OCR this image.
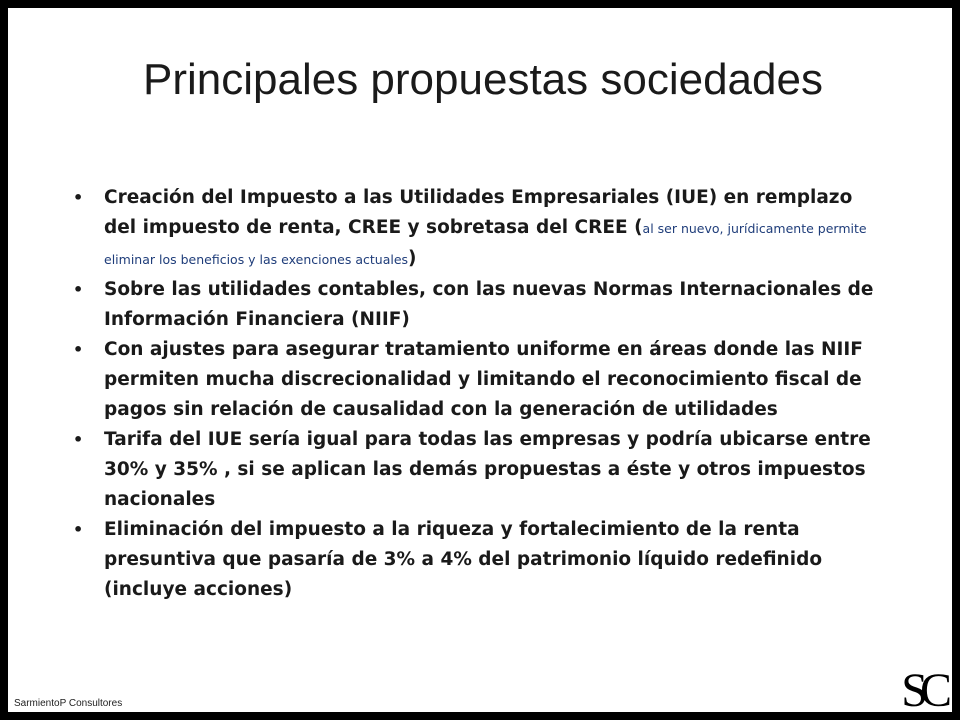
Principales propuestas sociedades
• Creación del Impuesto a las Utilidades Empresariales (IUE) en remplazo del impuesto de renta, CREE y sobretasa del CREE (al ser nuevo, jurídicamente permite eliminar los beneficios y las exenciones actuales)
• Sobre las utilidades contables, con las nuevas Normas Internacionales de Información Financiera (NIIF)
• Con ajustes para asegurar tratamiento uniforme en áreas donde las NIIF permiten mucha discrecionalidad y limitando el reconocimiento fiscal de pagos sin relación de causalidad con la generación de utilidades
• Tarifa del IUE sería igual para todas las empresas y podría ubicarse entre 30% y 35% , si se aplican las demás propuestas a éste y otros impuestos nacionales
• Eliminación del impuesto a la riqueza y fortalecimiento de la renta presuntiva que pasaría de 3% a 4% del patrimonio líquido redefinido (incluye acciones)
SarmientoP Consultores	SC
